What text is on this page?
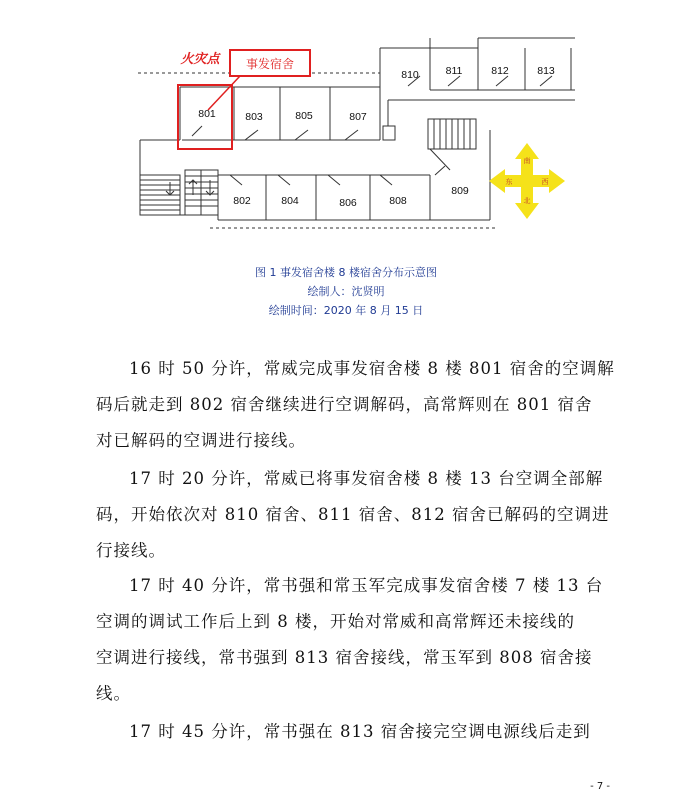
事发宿舍
火灾点
801	803	805	807
802	804	806	808
809
810	811	812	813
南
北
东	西
图 1 事发宿舍楼 8 楼宿舍分布示意图
绘制人：沈贤明
绘制时间：2020 年 8 月 15 日

16 时 50 分许，常威完成事发宿舍楼 8 楼 801 宿舍的空调解
码后就走到 802 宿舍继续进行空调解码，高常辉则在 801 宿舍
对已解码的空调进行接线。

17 时 20 分许，常威已将事发宿舍楼 8 楼 13 台空调全部解
码，开始依次对 810 宿舍、811 宿舍、812 宿舍已解码的空调进
行接线。

17 时 40 分许，常书强和常玉军完成事发宿舍楼 7 楼 13 台
空调的调试工作后上到 8 楼，开始对常威和高常辉还未接线的
空调进行接线，常书强到 813 宿舍接线，常玉军到 808 宿舍接
线。

17 时 45 分许，常书强在 813 宿舍接完空调电源线后走到

- 7 -
